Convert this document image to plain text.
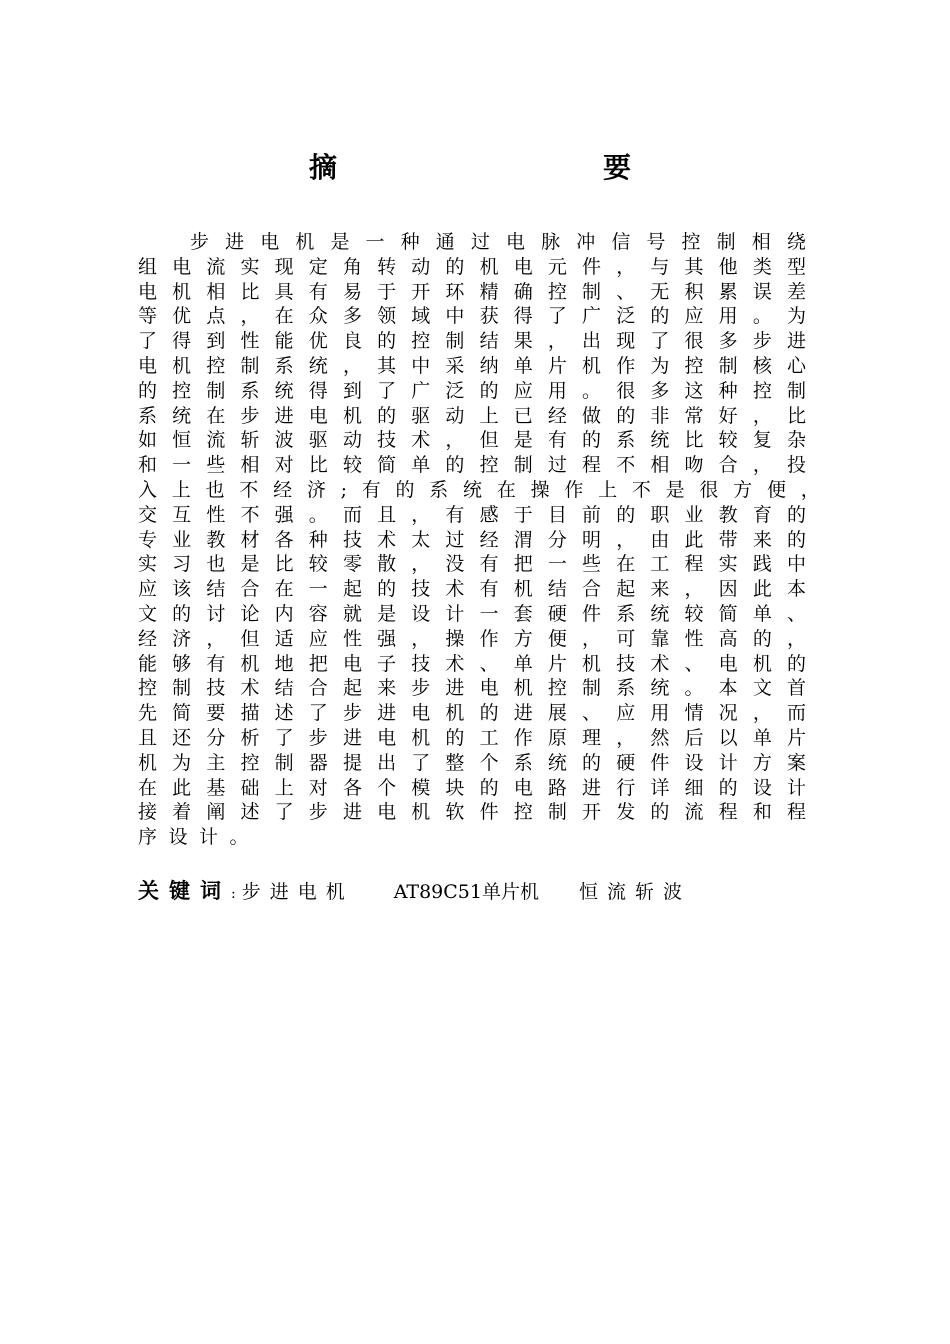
摘　　要
步 进 电 机 是 一 种 通 过 电 脉 冲 信 号 控 制 相 绕
组 电 流 实 现 定 角 转 动 的 机 电 元 件 ， 与 其 他 类 型
电 机 相 比 具 有 易 于 开 环 精 确 控 制 、 无 积 累 误 差
等 优 点 ， 在 众 多 领 域 中 获 得 了 广 泛 的 应 用 。 为
了 得 到 性 能 优 良 的 控 制 结 果 ， 出 现 了 很 多 步 进
电 机 控 制 系 统 ， 其 中 采 纳 单 片 机 作 为 控 制 核 心
的 控 制 系 统 得 到 了 广 泛 的 应 用 。 很 多 这 种 控 制
系 统 在 步 进 电 机 的 驱 动 上 已 经 做 的 非 常 好 ， 比
如 恒 流 斩 波 驱 动 技 术 ， 但 是 有 的 系 统 比 较 复 杂
和 一 些 相 对 比 较 简 单 的 控 制 过 程 不 相 吻 合 ， 投
入 上 也 不 经 济 ; 有 的 系 统 在 操 作 上 不 是 很 方 便 ，
交 互 性 不 强 。 而 且 ， 有 感 于 目 前 的 职 业 教 育 的
专 业 教 材 各 种 技 术 太 过 经 渭 分 明 ， 由 此 带 来 的
实 习 也 是 比 较 零 散 ， 没 有 把 一 些 在 工 程 实 践 中
应 该 结 合 在 一 起 的 技 术 有 机 结 合 起 来 ， 因 此 本
文 的 讨 论 内 容 就 是 设 计 一 套 硬 件 系 统 较 简 单 、
经 济 ， 但 适 应 性 强 ， 操 作 方 便 ， 可 靠 性 高 的 ，
能 够 有 机 地 把 电 子 技 术 、 单 片 机 技 术 、 电 机 的
控 制 技 术 结 合 起 来 步 进 电 机 控 制 系 统 。 本 文 首
先 简 要 描 述 了 步 进 电 机 的 进 展 、 应 用 情 况 ， 而
且 还 分 析 了 步 进 电 机 的 工 作 原 理 ， 然 后 以 单 片
机 为 主 控 制 器 提 出 了 整 个 系 统 的 硬 件 设 计 方 案
在 此 基 础 上 对 各 个 模 块 的 电 路 进 行 详 细 的 设 计
接 着 阐 述 了 步 进 电 机 软 件 控 制 开 发 的 流 程 和 程
序 设 计 。
关键词: 步进电机 AT89C51单片机 恒流斩波
